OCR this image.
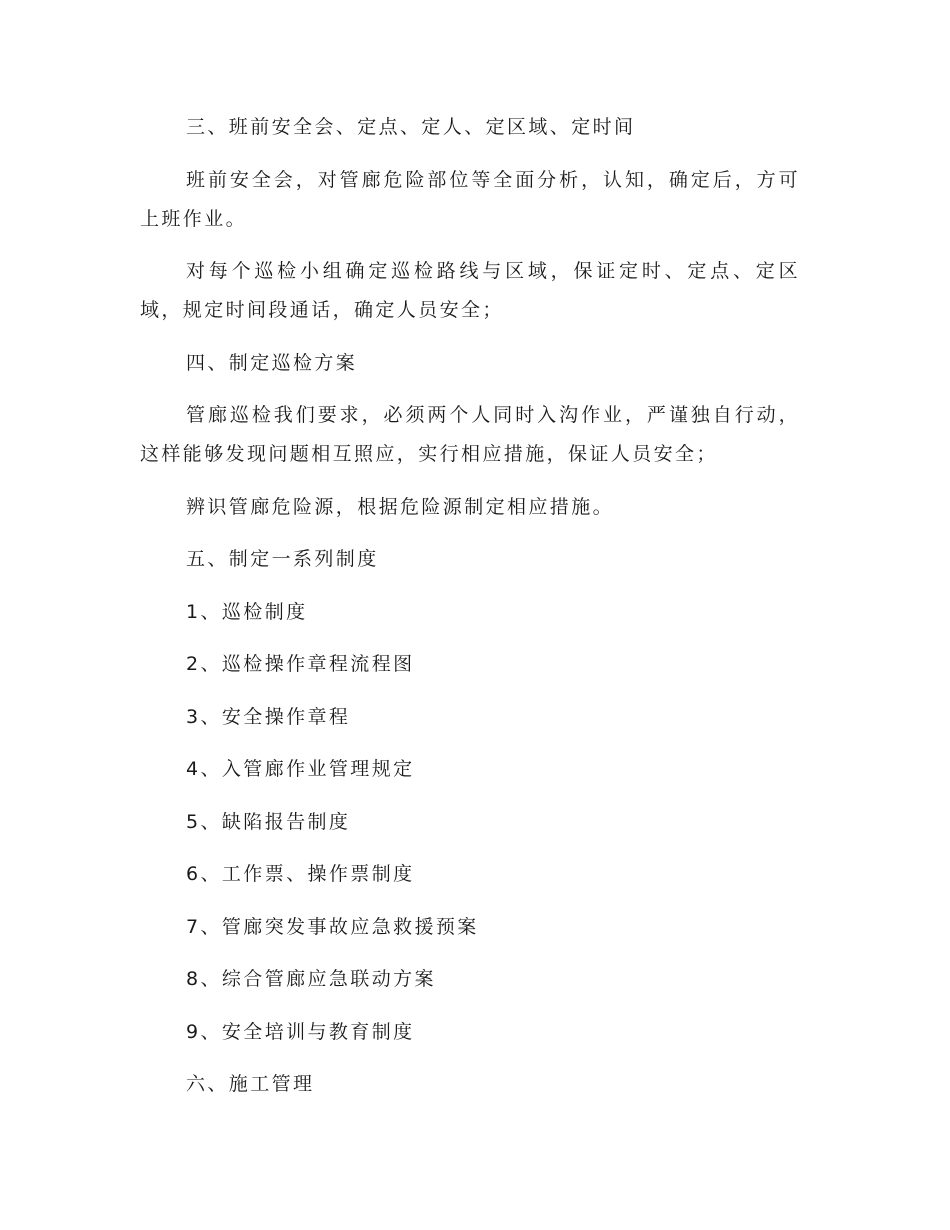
三、班前安全会、定点、定人、定区域、定时间

班前安全会，对管廊危险部位等全面分析，认知，确定后，方可上班作业。

对每个巡检小组确定巡检路线与区域，保证定时、定点、定区域，规定时间段通话，确定人员安全；

四、制定巡检方案

管廊巡检我们要求，必须两个人同时入沟作业，严谨独自行动，这样能够发现问题相互照应，实行相应措施，保证人员安全；

辨识管廊危险源，根据危险源制定相应措施。

五、制定一系列制度

1、巡检制度

2、巡检操作章程流程图

3、安全操作章程

4、入管廊作业管理规定

5、缺陷报告制度

6、工作票、操作票制度

7、管廊突发事故应急救援预案

8、综合管廊应急联动方案

9、安全培训与教育制度

六、施工管理
